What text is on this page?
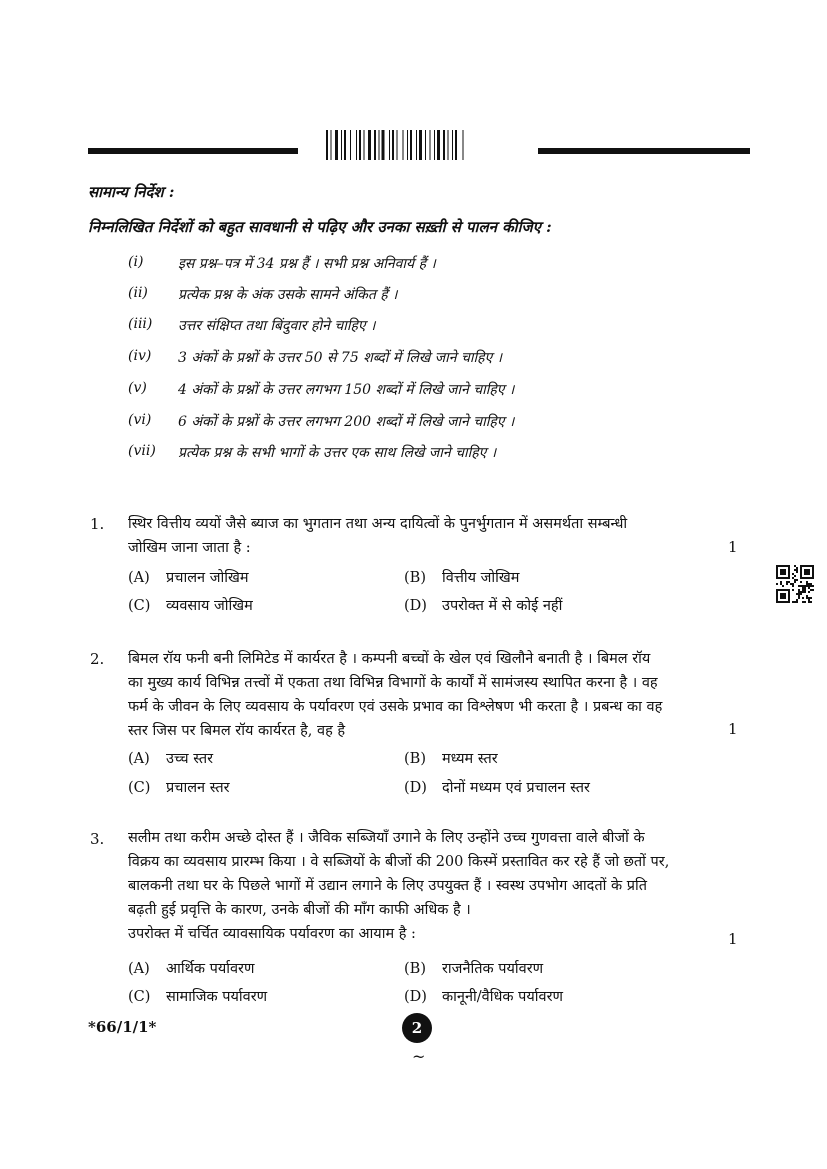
सामान्य निर्देश :
निम्नलिखित निर्देशों को बहुत सावधानी से पढ़िए और उनका सख़्ती से पालन कीजिए :
(i)	इस प्रश्न–पत्र में 34 प्रश्न हैं । सभी प्रश्न अनिवार्य हैं ।
(ii)	प्रत्येक प्रश्न के अंक उसके सामने अंकित हैं ।
(iii)	उत्तर संक्षिप्त तथा बिंदुवार होने चाहिए ।
(iv)	3 अंकों के प्रश्नों के उत्तर 50 से 75 शब्दों में लिखे जाने चाहिए ।
(v)	4 अंकों के प्रश्नों के उत्तर लगभग 150 शब्दों में लिखे जाने चाहिए ।
(vi)	6 अंकों के प्रश्नों के उत्तर लगभग 200 शब्दों में लिखे जाने चाहिए ।
(vii)	प्रत्येक प्रश्न के सभी भागों के उत्तर एक साथ लिखे जाने चाहिए ।
1. स्थिर वित्तीय व्ययों जैसे ब्याज का भुगतान तथा अन्य दायित्वों के पुनर्भुगतान में असमर्थता सम्बन्धी

जोखिम जाना जाता है :	1
(A) प्रचालन जोखिम	(B) वित्तीय जोखिम
(C) व्यवसाय जोखिम	(D) उपरोक्त में से कोई नहीं
2. बिमल रॉय फनी बनी लिमिटेड में कार्यरत है । कम्पनी बच्चों के खेल एवं खिलौने बनाती है । बिमल रॉय

का मुख्य कार्य विभिन्न तत्त्वों में एकता तथा विभिन्न विभागों के कार्यों में सामंजस्य स्थापित करना है । वह

फर्म के जीवन के लिए व्यवसाय के पर्यावरण एवं उसके प्रभाव का विश्लेषण भी करता है । प्रबन्ध का वह

स्तर जिस पर बिमल रॉय कार्यरत है, वह है	1
(A) उच्च स्तर	(B) मध्यम स्तर
(C) प्रचालन स्तर	(D) दोनों मध्यम एवं प्रचालन स्तर
3. सलीम तथा करीम अच्छे दोस्त हैं । जैविक सब्जियाँ उगाने के लिए उन्होंने उच्च गुणवत्ता वाले बीजों के

विक्रय का व्यवसाय प्रारम्भ किया । वे सब्जियों के बीजों की 200 किस्में प्रस्तावित कर रहे हैं जो छतों पर,

बालकनी तथा घर के पिछले भागों में उद्यान लगाने के लिए उपयुक्त हैं । स्वस्थ उपभोग आदतों के प्रति

बढ़ती हुई प्रवृत्ति के कारण, उनके बीजों की माँग काफी अधिक है ।

उपरोक्त में चर्चित व्यावसायिक पर्यावरण का आयाम है :	1
(A) आर्थिक पर्यावरण	(B) राजनैतिक पर्यावरण
(C) सामाजिक पर्यावरण	(D) कानूनी/वैधिक पर्यावरण
*66/1/1*	2
~
